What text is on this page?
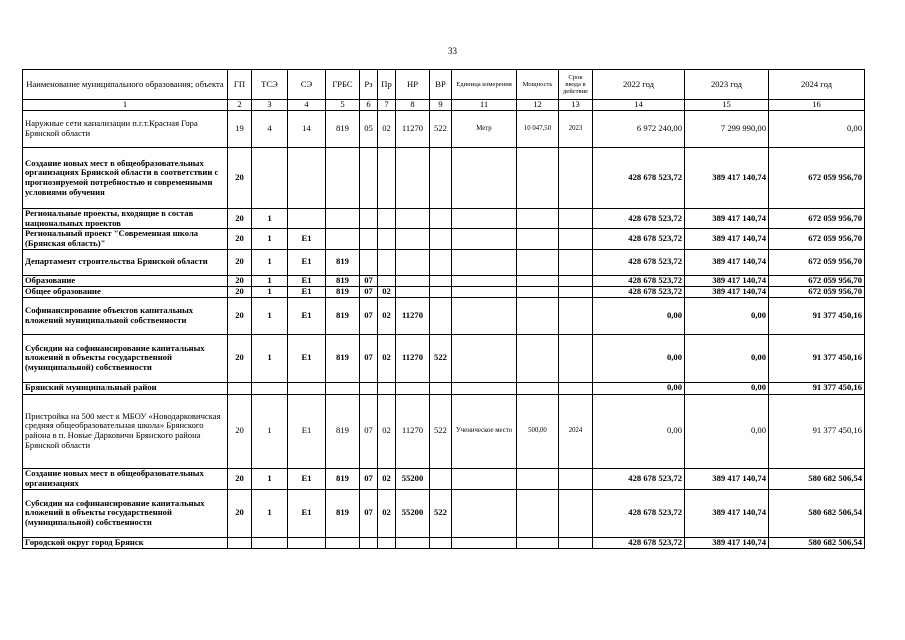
33
Наименование муниципального образования; объекта	ГП	ТСЭ	СЭ	ГРБС	Рз	Пр	НР	ВР	Единица измерения	Мощность	Срок ввода в действие	2022 год	2023 год	2024 год
1	2	3	4	5	6	7	8	9	11	12	13	14	15	16
Наружные сети канализации п.г.т.Красная Гора Брянской области	19	4	14	819	05	02	11270	522	Метр	10 047,50	2023	6 972 240,00	7 299 990,00	0,00
Создание новых мест в общеобразовательных организациях Брянской области в соответствии с прогнозируемой потребностью и современными условиями обучения	20											428 678 523,72	389 417 140,74	672 059 956,70
Региональные проекты, входящие в состав национальных проектов	20	1										428 678 523,72	389 417 140,74	672 059 956,70
Региональный проект "Современная школа (Брянская область)"	20	1	E1									428 678 523,72	389 417 140,74	672 059 956,70
Департамент строительства Брянской области	20	1	E1	819								428 678 523,72	389 417 140,74	672 059 956,70
Образование	20	1	E1	819	07							428 678 523,72	389 417 140,74	672 059 956,70
Общее образование	20	1	E1	819	07	02						428 678 523,72	389 417 140,74	672 059 956,70
Софинансирование объектов капитальных вложений муниципальной собственности	20	1	E1	819	07	02	11270					0,00	0,00	91 377 450,16
Субсидии на софинансирование капитальных вложений в объекты государственной (муниципальной) собственности	20	1	E1	819	07	02	11270	522				0,00	0,00	91 377 450,16
Брянский муниципальный район												0,00	0,00	91 377 450,16
Пристройка на 500 мест к МБОУ «Новодарковичская средняя общеобразовательная школа» Брянского района в п. Новые Дарковичи Брянского района Брянской области	20	1	E1	819	07	02	11270	522	Ученическое место	500,00	2024	0,00	0,00	91 377 450,16
Создание новых мест в общеобразовательных организациях	20	1	E1	819	07	02	55200					428 678 523,72	389 417 140,74	580 682 506,54
Субсидии на софинансирование капитальных вложений в объекты государственной (муниципальной) собственности	20	1	E1	819	07	02	55200	522				428 678 523,72	389 417 140,74	580 682 506,54
Городской округ город Брянск												428 678 523,72	389 417 140,74	580 682 506,54
